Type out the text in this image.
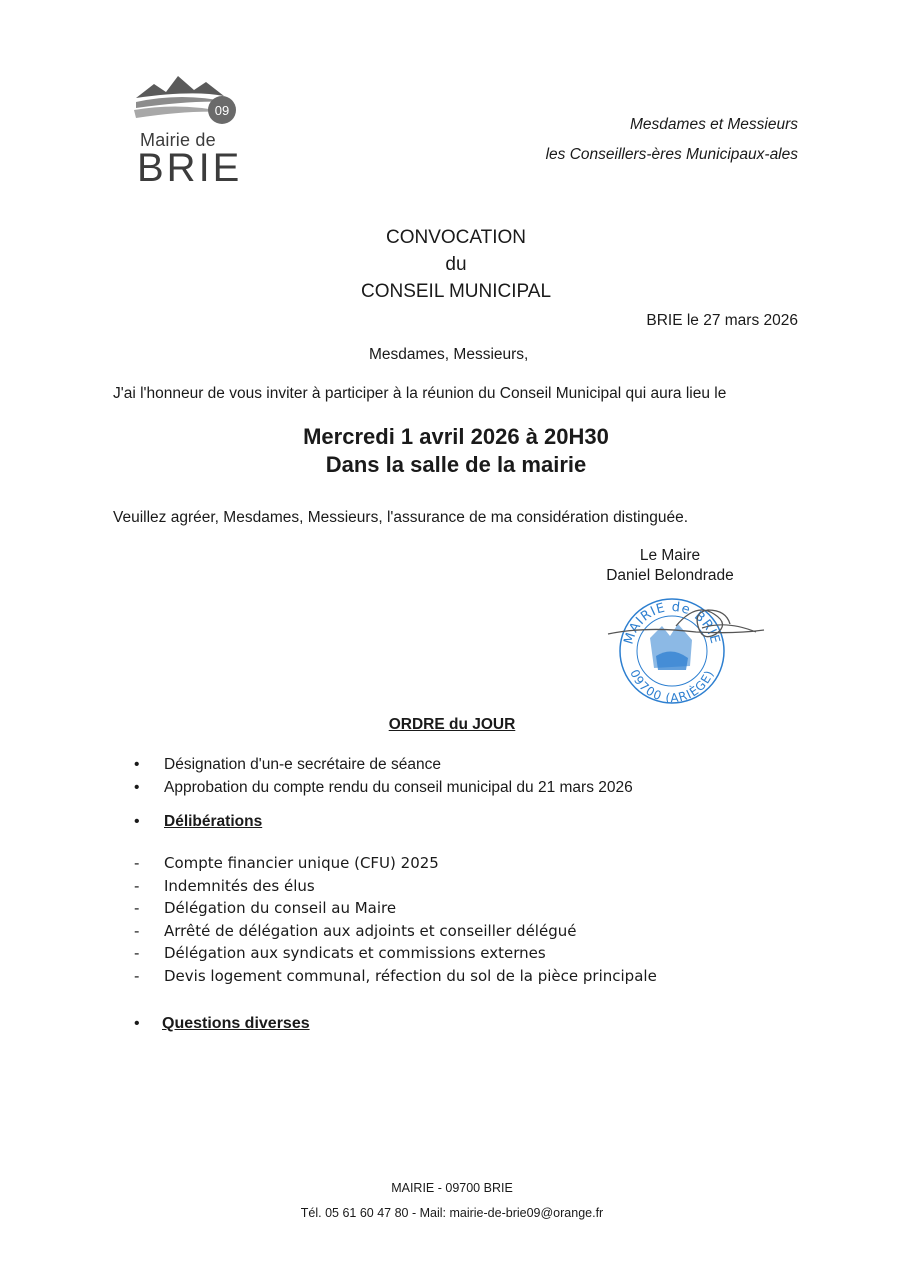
09
Mairie de
BRIE
Mesdames et Messieurs
les Conseillers-ères Municipaux-ales
CONVOCATION
du
CONSEIL MUNICIPAL
BRIE le 27 mars 2026
Mesdames, Messieurs,
J'ai l'honneur de vous inviter à participer à la réunion du Conseil Municipal qui aura lieu le
Mercredi 1 avril 2026 à 20H30
Dans la salle de la mairie
Veuillez agréer, Mesdames, Messieurs, l'assurance de ma considération distinguée.
Le Maire
Daniel Belondrade
MAIRIE de BRIE
09700 (ARIÈGE)
ORDRE du JOUR
•	Désignation d'un-e secrétaire de séance
•	Approbation du compte rendu du conseil municipal du 21 mars 2026
•	Délibérations
-	Compte financier unique (CFU) 2025
-	Indemnités des élus
-	Délégation du conseil au Maire
-	Arrêté de délégation aux adjoints et conseiller délégué
-	Délégation aux syndicats et commissions externes
-	Devis logement communal, réfection du sol de la pièce principale
•	Questions diverses
MAIRIE - 09700 BRIE
Tél. 05 61 60 47 80 - Mail: mairie-de-brie09@orange.fr
